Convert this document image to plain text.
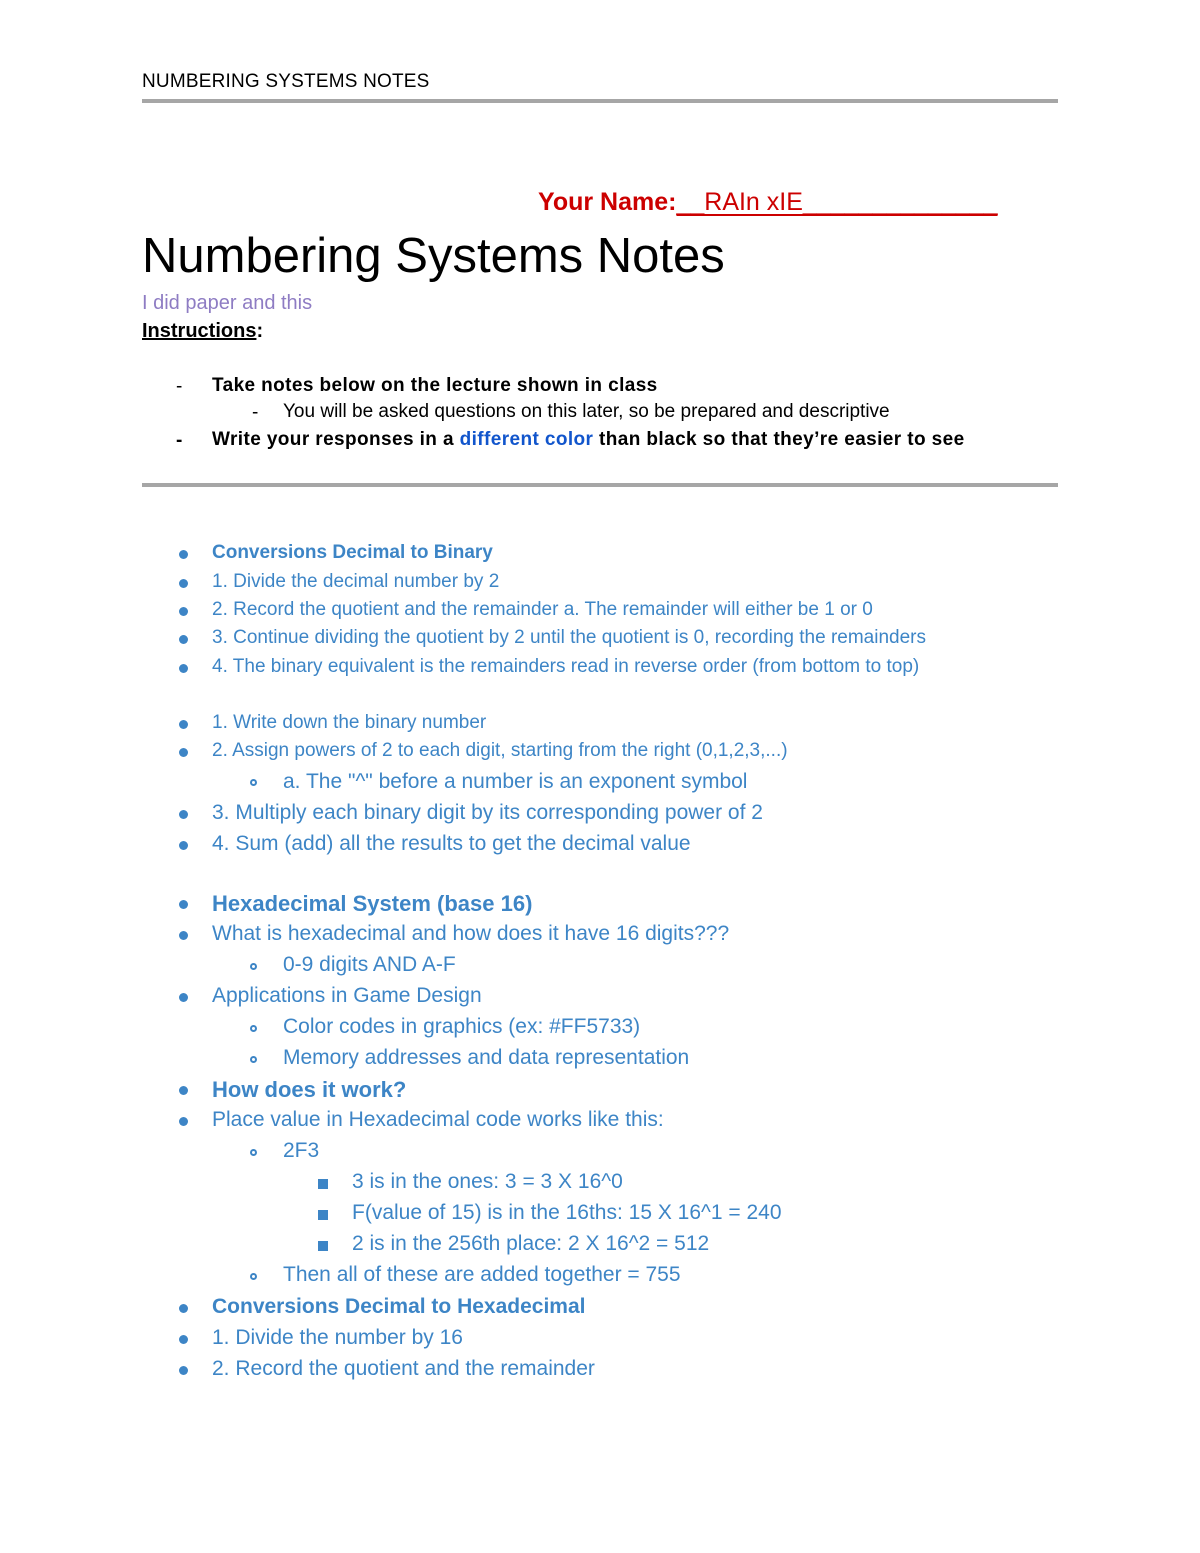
NUMBERING SYSTEMS NOTES
Your Name:__RAIn xIE______________
Numbering Systems Notes
I did paper and this
Instructions:
- Take notes below on the lecture shown in class
- You will be asked questions on this later, so be prepared and descriptive
- Write your responses in a different color than black so that they’re easier to see
Conversions Decimal to Binary
1. Divide the decimal number by 2
2. Record the quotient and the remainder a. The remainder will either be 1 or 0
3. Continue dividing the quotient by 2 until the quotient is 0, recording the remainders
4. The binary equivalent is the remainders read in reverse order (from bottom to top)
1. Write down the binary number
2. Assign powers of 2 to each digit, starting from the right (0,1,2,3,...)
a. The "^" before a number is an exponent symbol
3. Multiply each binary digit by its corresponding power of 2
4. Sum (add) all the results to get the decimal value
Hexadecimal System (base 16)
What is hexadecimal and how does it have 16 digits???
0-9 digits AND A-F
Applications in Game Design
Color codes in graphics (ex: #FF5733)
Memory addresses and data representation
How does it work?
Place value in Hexadecimal code works like this:
2F3
3 is in the ones: 3 = 3 X 16^0
F(value of 15) is in the 16ths: 15 X 16^1 = 240
2 is in the 256th place: 2 X 16^2 = 512
Then all of these are added together = 755
Conversions Decimal to Hexadecimal
1. Divide the number by 16
2. Record the quotient and the remainder
